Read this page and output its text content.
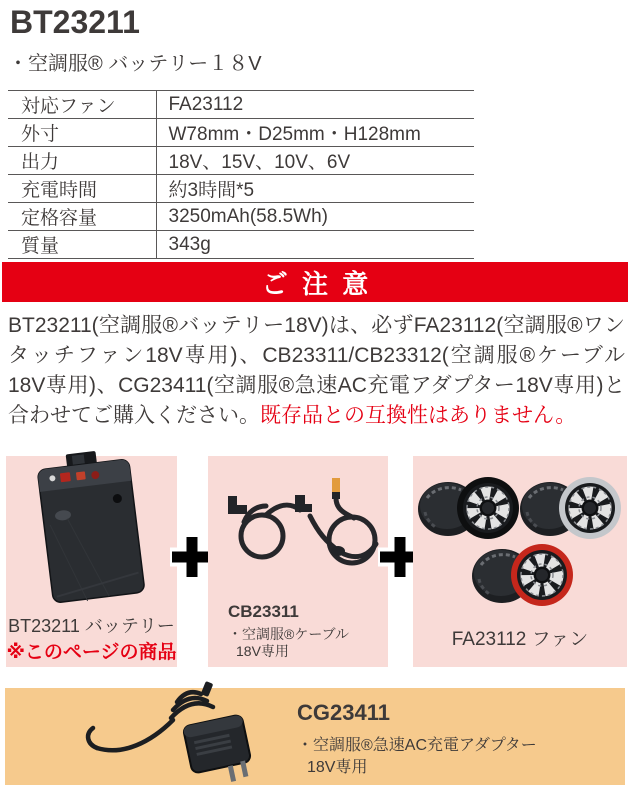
BT23211
・空調服® バッテリー１８V
対応ファン	FA23112
外寸	W78mm・D25mm・H128mm
出力	18V、15V、10V、6V
充電時間	約3時間*5
定格容量	3250mAh(58.5Wh)
質量	343g
ご注意

BT23211(空調服®バッテリー18V)は、必ずFA23112(空調服®ワンタッチファン18V専用)、CB23311/CB23312(空調服®ケーブル18V専用)、CG23411(空調服®急速AC充電アダプター18V専用)と合わせてご購入ください。既存品との互換性はありません。

BT23211 バッテリー
※このページの商品
CB23311
・空調服®ケーブル
18V専用
FA23112 ファン
CG23411
・空調服®急速AC充電アダプター
18V専用
